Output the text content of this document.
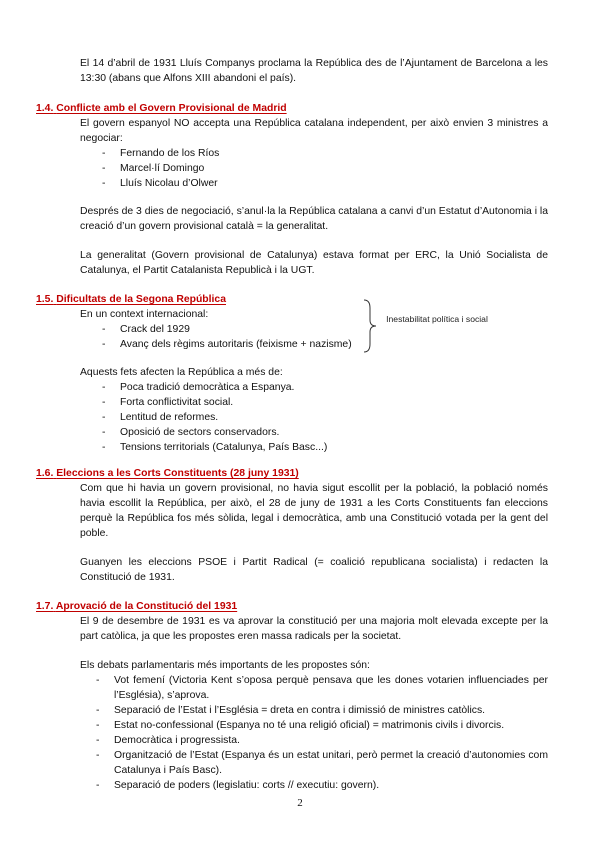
El 14 d’abril de 1931 Lluís Companys proclama la República des de l’Ajuntament de Barcelona a les 13:30 (abans que Alfons XIII abandoni el país).

1.4. Conflicte amb el Govern Provisional de Madrid

El govern espanyol NO accepta una República catalana independent, per això envien 3 ministres a negociar:

- Fernando de los Ríos
- Marcel·lí Domingo
- Lluís Nicolau d’Olwer

Després de 3 dies de negociació, s’anul·la la República catalana a canvi d’un Estatut d’Autonomia i la creació d’un govern provisional català = la generalitat.

La generalitat (Govern provisional de Catalunya) estava format per ERC, la Unió Socialista de Catalunya, el Partit Catalanista Republicà i la UGT.

1.5. Dificultats de la Segona República

En un context internacional:

- Crack del 1929
- Avanç dels règims autoritaris (feixisme + nazisme)
Inestabilitat política i social

Aquests fets afecten la República a més de:

- Poca tradició democràtica a Espanya.
- Forta conflictivitat social.
- Lentitud de reformes.
- Oposició de sectors conservadors.
- Tensions territorials (Catalunya, País Basc...)
1.6. Eleccions a les Corts Constituents (28 juny 1931)

Com que hi havia un govern provisional, no havia sigut escollit per la població, la població només havia escollit la República, per això, el 28 de juny de 1931 a les Corts Constituents fan eleccions perquè la República fos més sòlida, legal i democràtica, amb una Constitució votada per la gent del poble.

Guanyen les eleccions PSOE i Partit Radical (= coalició republicana socialista) i redacten la Constitució de 1931.

1.7. Aprovació de la Constitució del 1931

El 9 de desembre de 1931 es va aprovar la constitució per una majoria molt elevada excepte per la part catòlica, ja que les propostes eren massa radicals per la societat.

Els debats parlamentaris més importants de les propostes són:

- Vot femení (Victoria Kent s’oposa perquè pensava que les dones votarien influenciades per l’Església), s’aprova.
- Separació de l’Estat i l’Església = dreta en contra i dimissió de ministres catòlics.
- Estat no-confessional (Espanya no té una religió oficial) = matrimonis civils i divorcis.
- Democràtica i progressista.
- Organització de l’Estat (Espanya és un estat unitari, però permet la creació d’autonomies com Catalunya i País Basc).
- Separació de poders (legislatiu: corts // executiu: govern).
2
